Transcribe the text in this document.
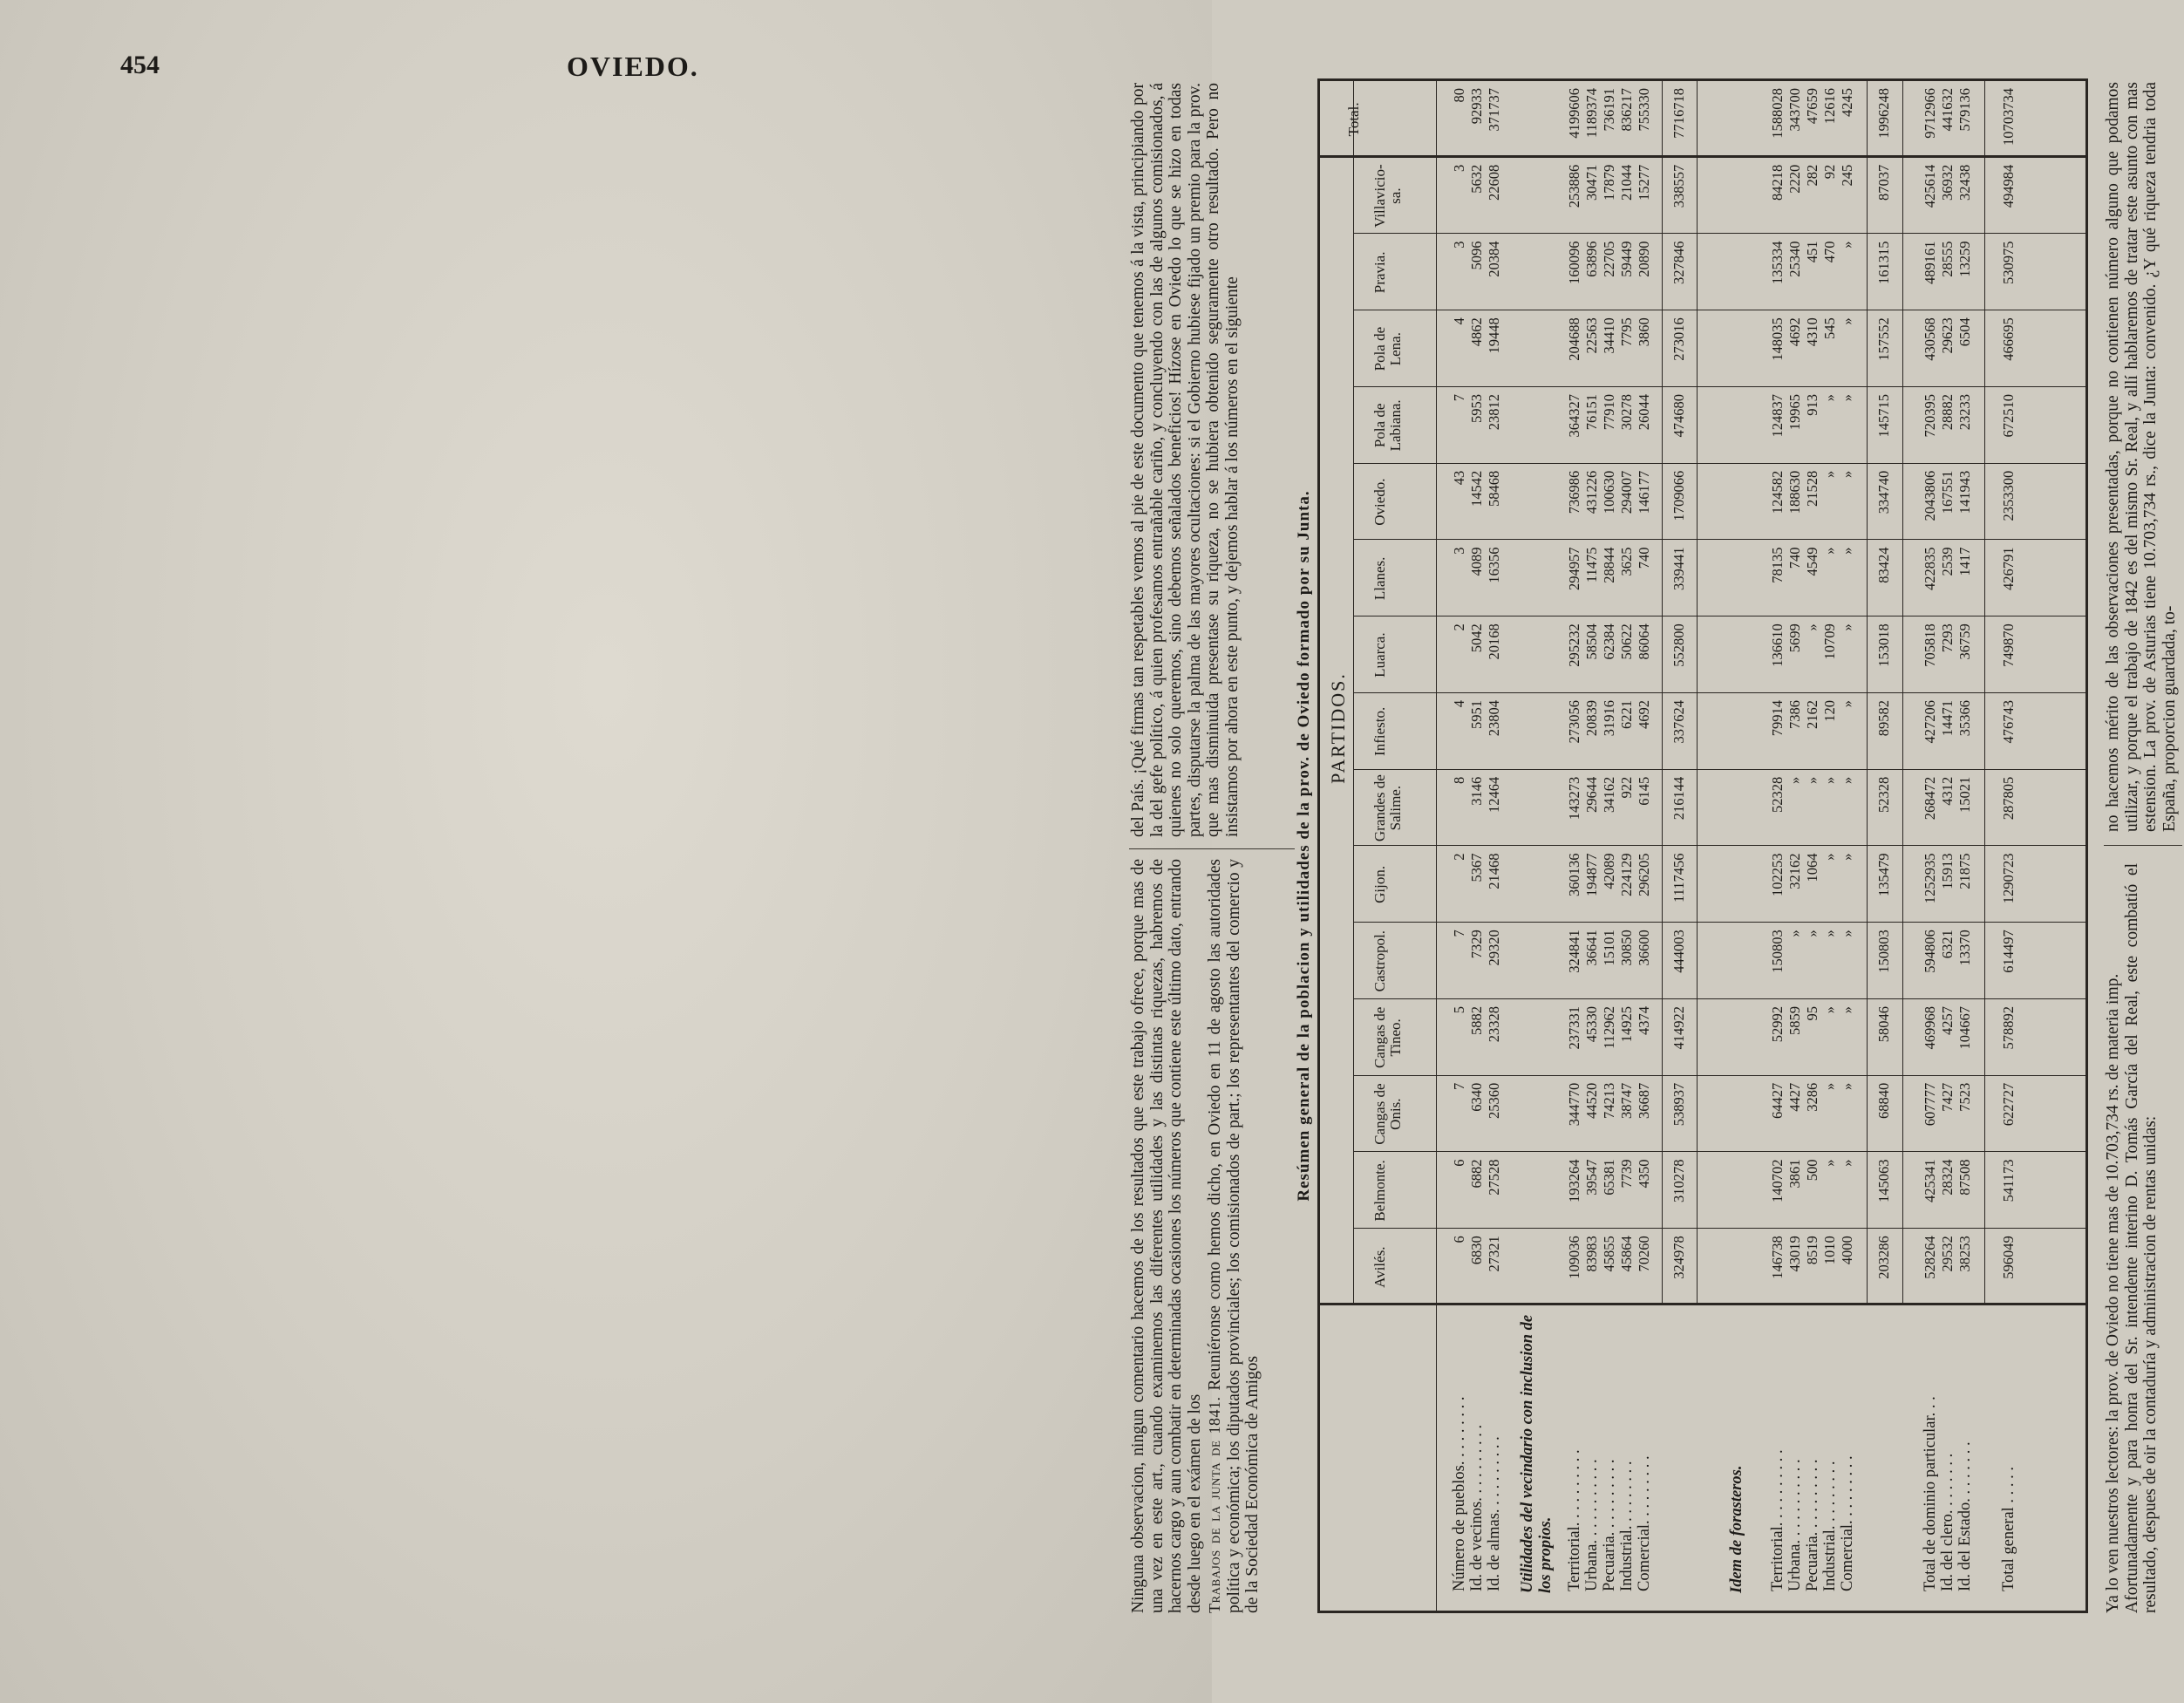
454	OVIEDO.

Ninguna observacion, ningun comentario hacemos de los resultados que este trabajo ofrece, porque mas de una vez en este art., cuando examinemos las diferentes utilidades y las distintas riquezas, habremos de hacernos cargo y aun combatir en determinadas ocasiones los números que contiene este último dato, entrando desde luego en el exámen de los Trabajos de la junta de 1841. Reuniéronse como hemos dicho, en Oviedo en 11 de agosto las autoridades política y económica; los diputados provinciales; los comisionados de part.; los representantes del comercio y de la Sociedad Económica de Amigos

del País. ¡Qué firmas tan respetables vemos al pie de este documento que tenemos á la vista, principiando por la del gefe político, á quien profesamos entrañable cariño, y concluyendo con las de algunos comisionados, á quienes no solo queremos, sino debemos señalados beneficios! Hízose en Oviedo lo que se hizo en todas partes, disputarse la palma de las mayores ocultaciones: si el Gobierno hubiese fijado un premio para la prov. que mas disminuida presentase su riqueza, no se hubiera obtenido seguramente otro resultado. Pero no insistamos por ahora en este punto, y dejemos hablar á los números en el siguiente	Resúmen general de la poblacion y utilidades de la prov. de Oviedo formado por su Junta. PARTIDOS.
Avilés.
Belmonte.
Cangas de Onis.
Cangas de Tineo.
Castropol.
Gijon.
Grandes de Salime.
Infiesto.
Luarca.
Llanes.
Oviedo.
Pola de Labiana.
Pola de Lena.
Pravia.
Villavicio-sa.
Total.
Número de pueblos. . . . . . . . .
6
6
7
5
7
2
8
4
2
3
43
7
4
3
3
80
Id. de vecinos. . . . . . . . . .
6830
6882
6340
5882
7329
5367
3146
5951
5042
4089
14542
5953
4862
5096
5632
92933
Id. de almas. . . . . . . . . .
27321
27528
25360
23328
29320
21468
12464
23804
20168
16356
58468
23812
19448
20384
22608
371737
Utilidades del vecindario con inclusion de los propios. Territorial. . . . . . . . . .
109036
193264
344770
237331
324841
360136
143273
273056
295232
294957
736986
364327
204688
160096
253886
4199606
Urbana. . . . . . . . . . .
83983
39547
44520
45330
36641
194877
29644
20839
58504
11475
431226
76151
22563
63896
30471
1189374
Pecuaria. . . . . . . . . .
45855
65381
74213
112962
15101
42089
34162
31916
62384
28844
100630
77910
34410
22705
17879
736191
Industrial. . . . . . . . .
45864
7739
38747
14925
30850
224129
922
6221
50622
3625
294007
30278
7795
59449
21044
836217
Comercial. . . . . . . . .
70260
4350
36687
4374
36600
296205
6145
4692
86064
740
146177
26044
3860
20890
15277
755330
324978
310278
538937
414922
444003
1117456
216144
337624
552800
339441
1709066
474680
273016
327846
338557
7716718
Idem de forasteros. Territorial. . . . . . . . . .
146738
140702
64427
52992
150803
102253
52328
79914
136610
78135
124582
124837
148035
135334
84218
1588028
Urbana. . . . . . . . . . .
43019
3861
4427
5859
»
32162
»
7386
5699
740
188630
19965
4692
25340
2220
343700
Pecuaria. . . . . . . . . .
8519
500
3286
95
»
1064
»
2162
»
4549
21528
913
4310
451
282
47659
Industrial. . . . . . . . .
1010
»
»
»
»
»
»
120
10709
»
»
»
545
470
92
12616
Comercial. . . . . . . . .
4000
»
»
»
»
»
»
»
»
»
»
»
»
»
245
4245
203286
145063
68840
58046
150803
135479
52328
89582
153018
83424
334740
145715
157552
161315
87037
1996248
Total de dominio particular. . .
528264
425341
607777
469968
594806
1252935
268472
427206
705818
422835
2043806
720395
430568
489161
425614
9712966
Id. del clero. . . . . . . .
29532
28324
7427
4257
6321
15913
4312
14471
7293
2539
167551
28882
29623
28555
36932
441632
Id. del Estado. . . . . . . .
38253
87508
7523
104667
13370
21875
15021
35366
36759
1417
141943
23233
6504
13259
32438
579136
Total general . . . . .
596049
541173
622727
578892
614497
1290723
287805
476743
749870
426791
2353300
672510
466695
530975
494984
10703734

Ya lo ven nuestros lectores: la prov. de Oviedo no tiene mas de 10.703,734 rs. de materia imp. Afortunadamente y para honra del Sr. intendente interino D. Tomás García del Real, este combatió el resultado, despues de oir la contaduría y administracion de rentas unidas:

no hacemos mérito de las observaciones presentadas, porque no contienen número alguno que podamos utilizar, y porque el trabajo de 1842 es del mismo Sr. Real, y allí hablaremos de tratar este asunto con mas estension. La prov. de Asturias tiene 10.703,734 rs., dice la Junta: convenido. ¿Y qué riqueza tendria toda España, proporcion guardada, to-
